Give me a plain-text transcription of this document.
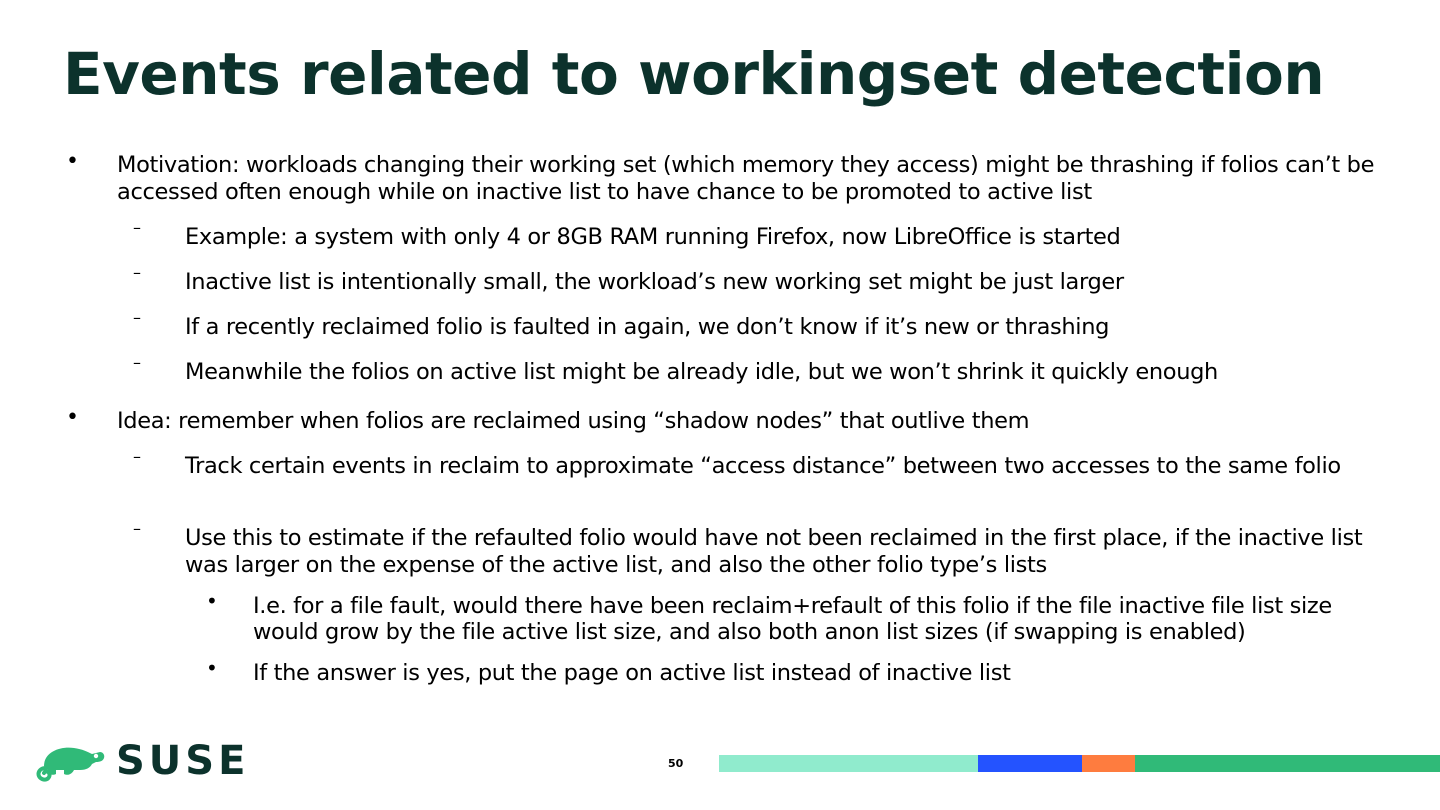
Events related to workingset detection
• Motivation: workloads changing their working set (which memory they access) might be thrashing if folios can’t be accessed often enough while on inactive list to have chance to be promoted to active list
– Example: a system with only 4 or 8GB RAM running Firefox, now LibreOffice is started
– Inactive list is intentionally small, the workload’s new working set might be just larger
– If a recently reclaimed folio is faulted in again, we don’t know if it’s new or thrashing
– Meanwhile the folios on active list might be already idle, but we won’t shrink it quickly enough
• Idea: remember when folios are reclaimed using “shadow nodes” that outlive them
– Track certain events in reclaim to approximate “access distance” between two accesses to the same folio
– Use this to estimate if the refaulted folio would have not been reclaimed in the first place, if the inactive list was larger on the expense of the active list, and also the other folio type’s lists
• I.e. for a file fault, would there have been reclaim+refault of this folio if the file inactive file list size would grow by the file active list size, and also both anon list sizes (if swapping is enabled)
• If the answer is yes, put the page on active list instead of inactive list
SUSE	50
